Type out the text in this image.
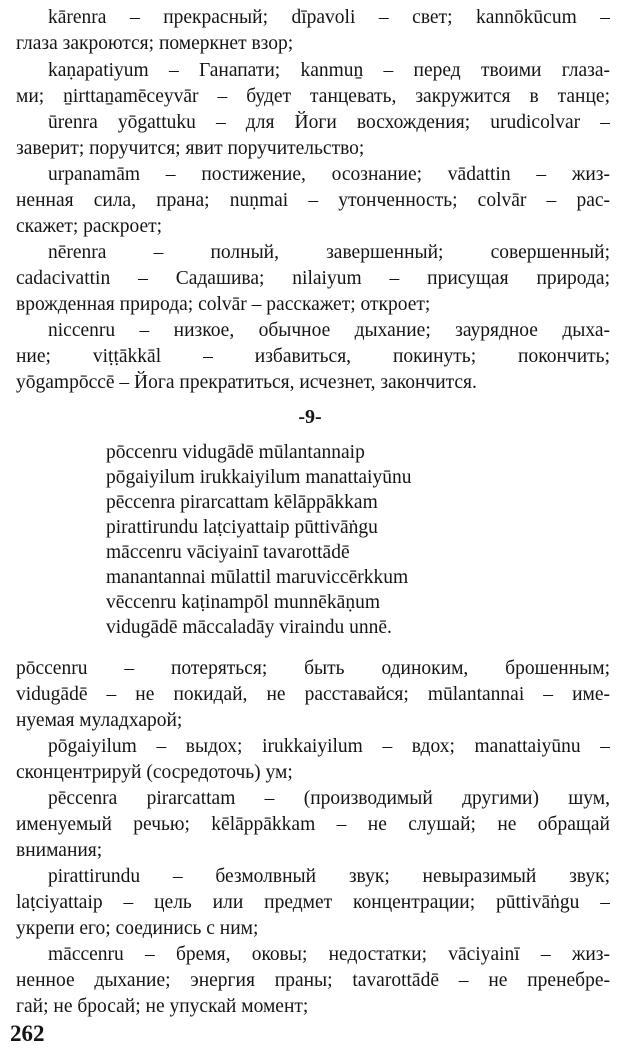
kārenra – прекрасный; dīpavoli – свет; kannōkūcum –
глаза закроются; померкнет взор;
kaṇapatiyum – Ганапати; kanmuṉ – перед твоими глаза-
ми; ṉirttaṉamēceyvār – будет танцевать, закружится в танце;
ūrenra yōgattuku – для Йоги восхождения; urudicolvar –
заверит; поручится; явит поручительство;
urpanamām – постижение, осознание; vādattin – жиз-
ненная сила, прана; nuṇmai – утонченность; colvār – рас-
скажет; раскроет;
nērenra – полный, завершенный; совершенный;
cadacivattin – Садашива; nilaiyum – присущая природа;
врожденная природа; colvār – расскажет; откроет;
niccenru – низкое, обычное дыхание; заурядное дыха-
ние; viṭṭākkāl – избавиться, покинуть; покончить;
yōgampōccē – Йога прекратиться, исчезнет, закончится.
-9-
pōccenru vidugādē mūlantannaip
pōgaiyilum irukkaiyilum manattaiyūnu
pēccenra pirarcattam kēlāppākkam
pirattirundu laṭciyattaip pūttivāṅgu
māccenru vāciyainī tavarottādē
manantannai mūlattil maruviccērkkum
vēccenru kaṭinampōl munnēkāṇum
vidugādē māccaladāy viraindu unnē.
pōccenru – потеряться; быть одиноким, брошенным;
vidugādē – не покидай, не расставайся; mūlantannai – име-
нуемая муладхарой;
pōgaiyilum – выдох; irukkaiyilum – вдох; manattaiyūnu –
сконцентрируй (сосредоточь) ум;
pēccenra pirarcattam – (производимый другими) шум,
именуемый речью; kēlāppākkam – не слушай; не обращай
внимания;
pirattirundu – безмолвный звук; невыразимый звук;
laṭciyattaip – цель или предмет концентрации; pūttivāṅgu –
укрепи его; соединись с ним;
māccenru – бремя, оковы; недостатки; vāciyainī – жиз-
ненное дыхание; энергия праны; tavarottādē – не пренебре-
гай; не бросай; не упускай момент;
262
